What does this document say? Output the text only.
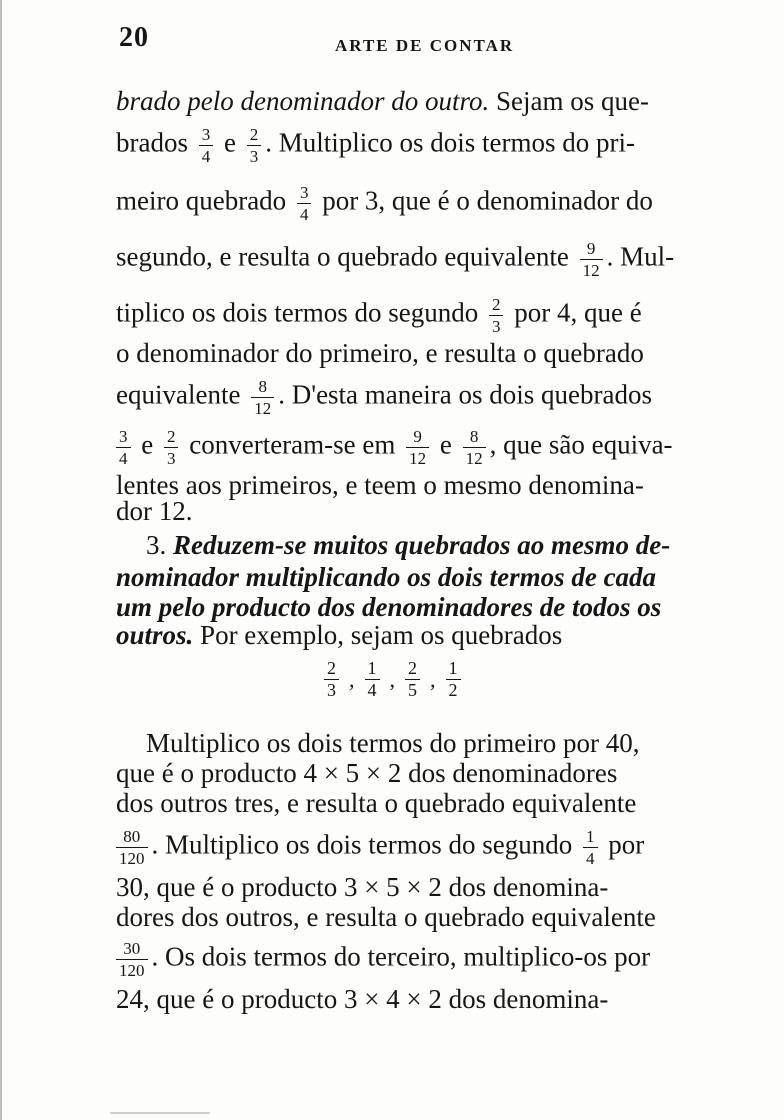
20	ARTE DE CONTAR
brado pelo denominador do outro. Sejam os que-
brados $\frac{3}{4}$ e $\frac{2}{3}$ . Multiplico os dois termos do pri-
meiro quebrado $\frac{3}{4}$ por 3, que é o denominador do
segundo, e resulta o quebrado equivalente $\frac{9}{12}$ . Mul-
tiplico os dois termos do segundo $\frac{2}{3}$ por 4, que é
o denominador do primeiro, e resulta o quebrado
equivalente $\frac{8}{12}$ . D'esta maneira os dois quebrados
$\frac{3}{4}$ e $\frac{2}{3}$ converteram-se em $\frac{9}{12}$ e $\frac{8}{12}$ , que são equiva-
lentes aos primeiros, e teem o mesmo denomina-
dor 12.
3. Reduzem-se muitos quebrados ao mesmo de-
nominador multiplicando os dois termos de cada
um pelo producto dos denominadores de todos os
outros. Por exemplo, sejam os quebrados
$\frac{2}{3}$ , $\frac{1}{4}$ , $\frac{2}{5}$ , $\frac{1}{2}$
Multiplico os dois termos do primeiro por 40,
que é o producto 4 × 5 × 2 dos denominadores
dos outros tres, e resulta o quebrado equivalente
$\frac{80}{120}$ . Multiplico os dois termos do segundo $\frac{1}{4}$ por
30, que é o producto 3 × 5 × 2 dos denomina-
dores dos outros, e resulta o quebrado equivalente
$\frac{30}{120}$ . Os dois termos do terceiro, multiplico-os por
24, que é o producto 3 × 4 × 2 dos denomina-
